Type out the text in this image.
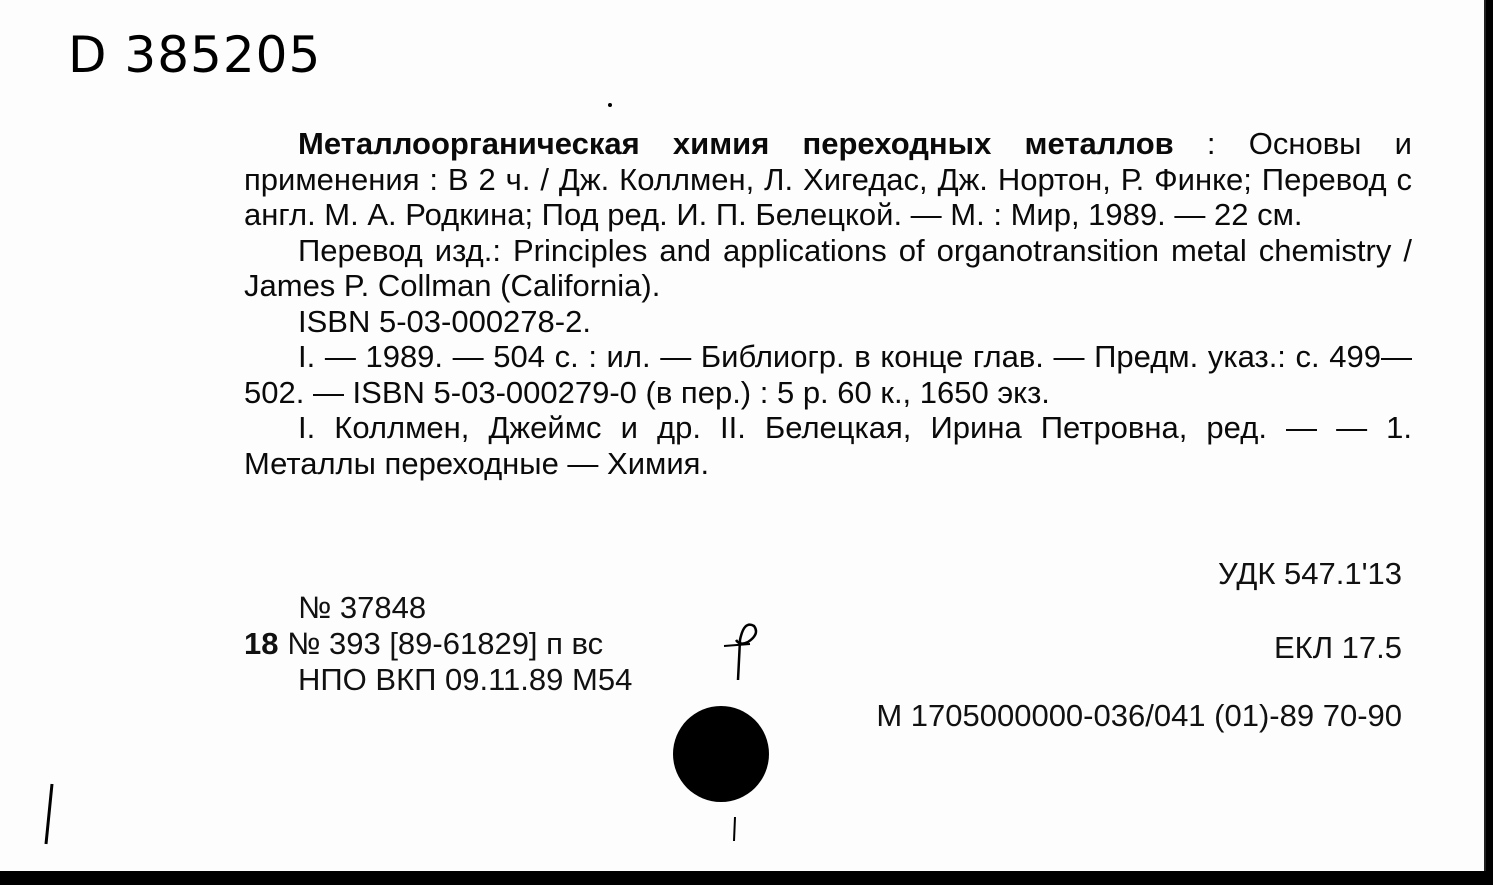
D 385205

Металлоорганическая химия переходных металлов : Основы и применения : В 2 ч. / Дж. Коллмен, Л. Хигедас, Дж. Нортон, Р. Финке; Перевод с англ. М. А. Родкина; Под ред. И. П. Белецкой. — М. : Мир, 1989. — 22 см.

Перевод изд.: Principles and applications of organotransition metal chemistry / James P. Collman (California).

ISBN 5-03-000278-2.

I. — 1989. — 504 с. : ил. — Библиогр. в конце глав. — Предм. указ.: с. 499—502. — ISBN 5-03-000279-0 (в пер.) : 5 р. 60 к., 1650 экз.

I. Коллмен, Джеймс и др. II. Белецкая, Ирина Петровна, ред. — — 1. Металлы переходные — Химия.

УДК 547.1'13
№ 37848
18 № 393 [89-61829] п вс
НПО ВКП 09.11.89 М54
ЕКЛ 17.5
М 1705000000-036/041 (01)-89 70-90
